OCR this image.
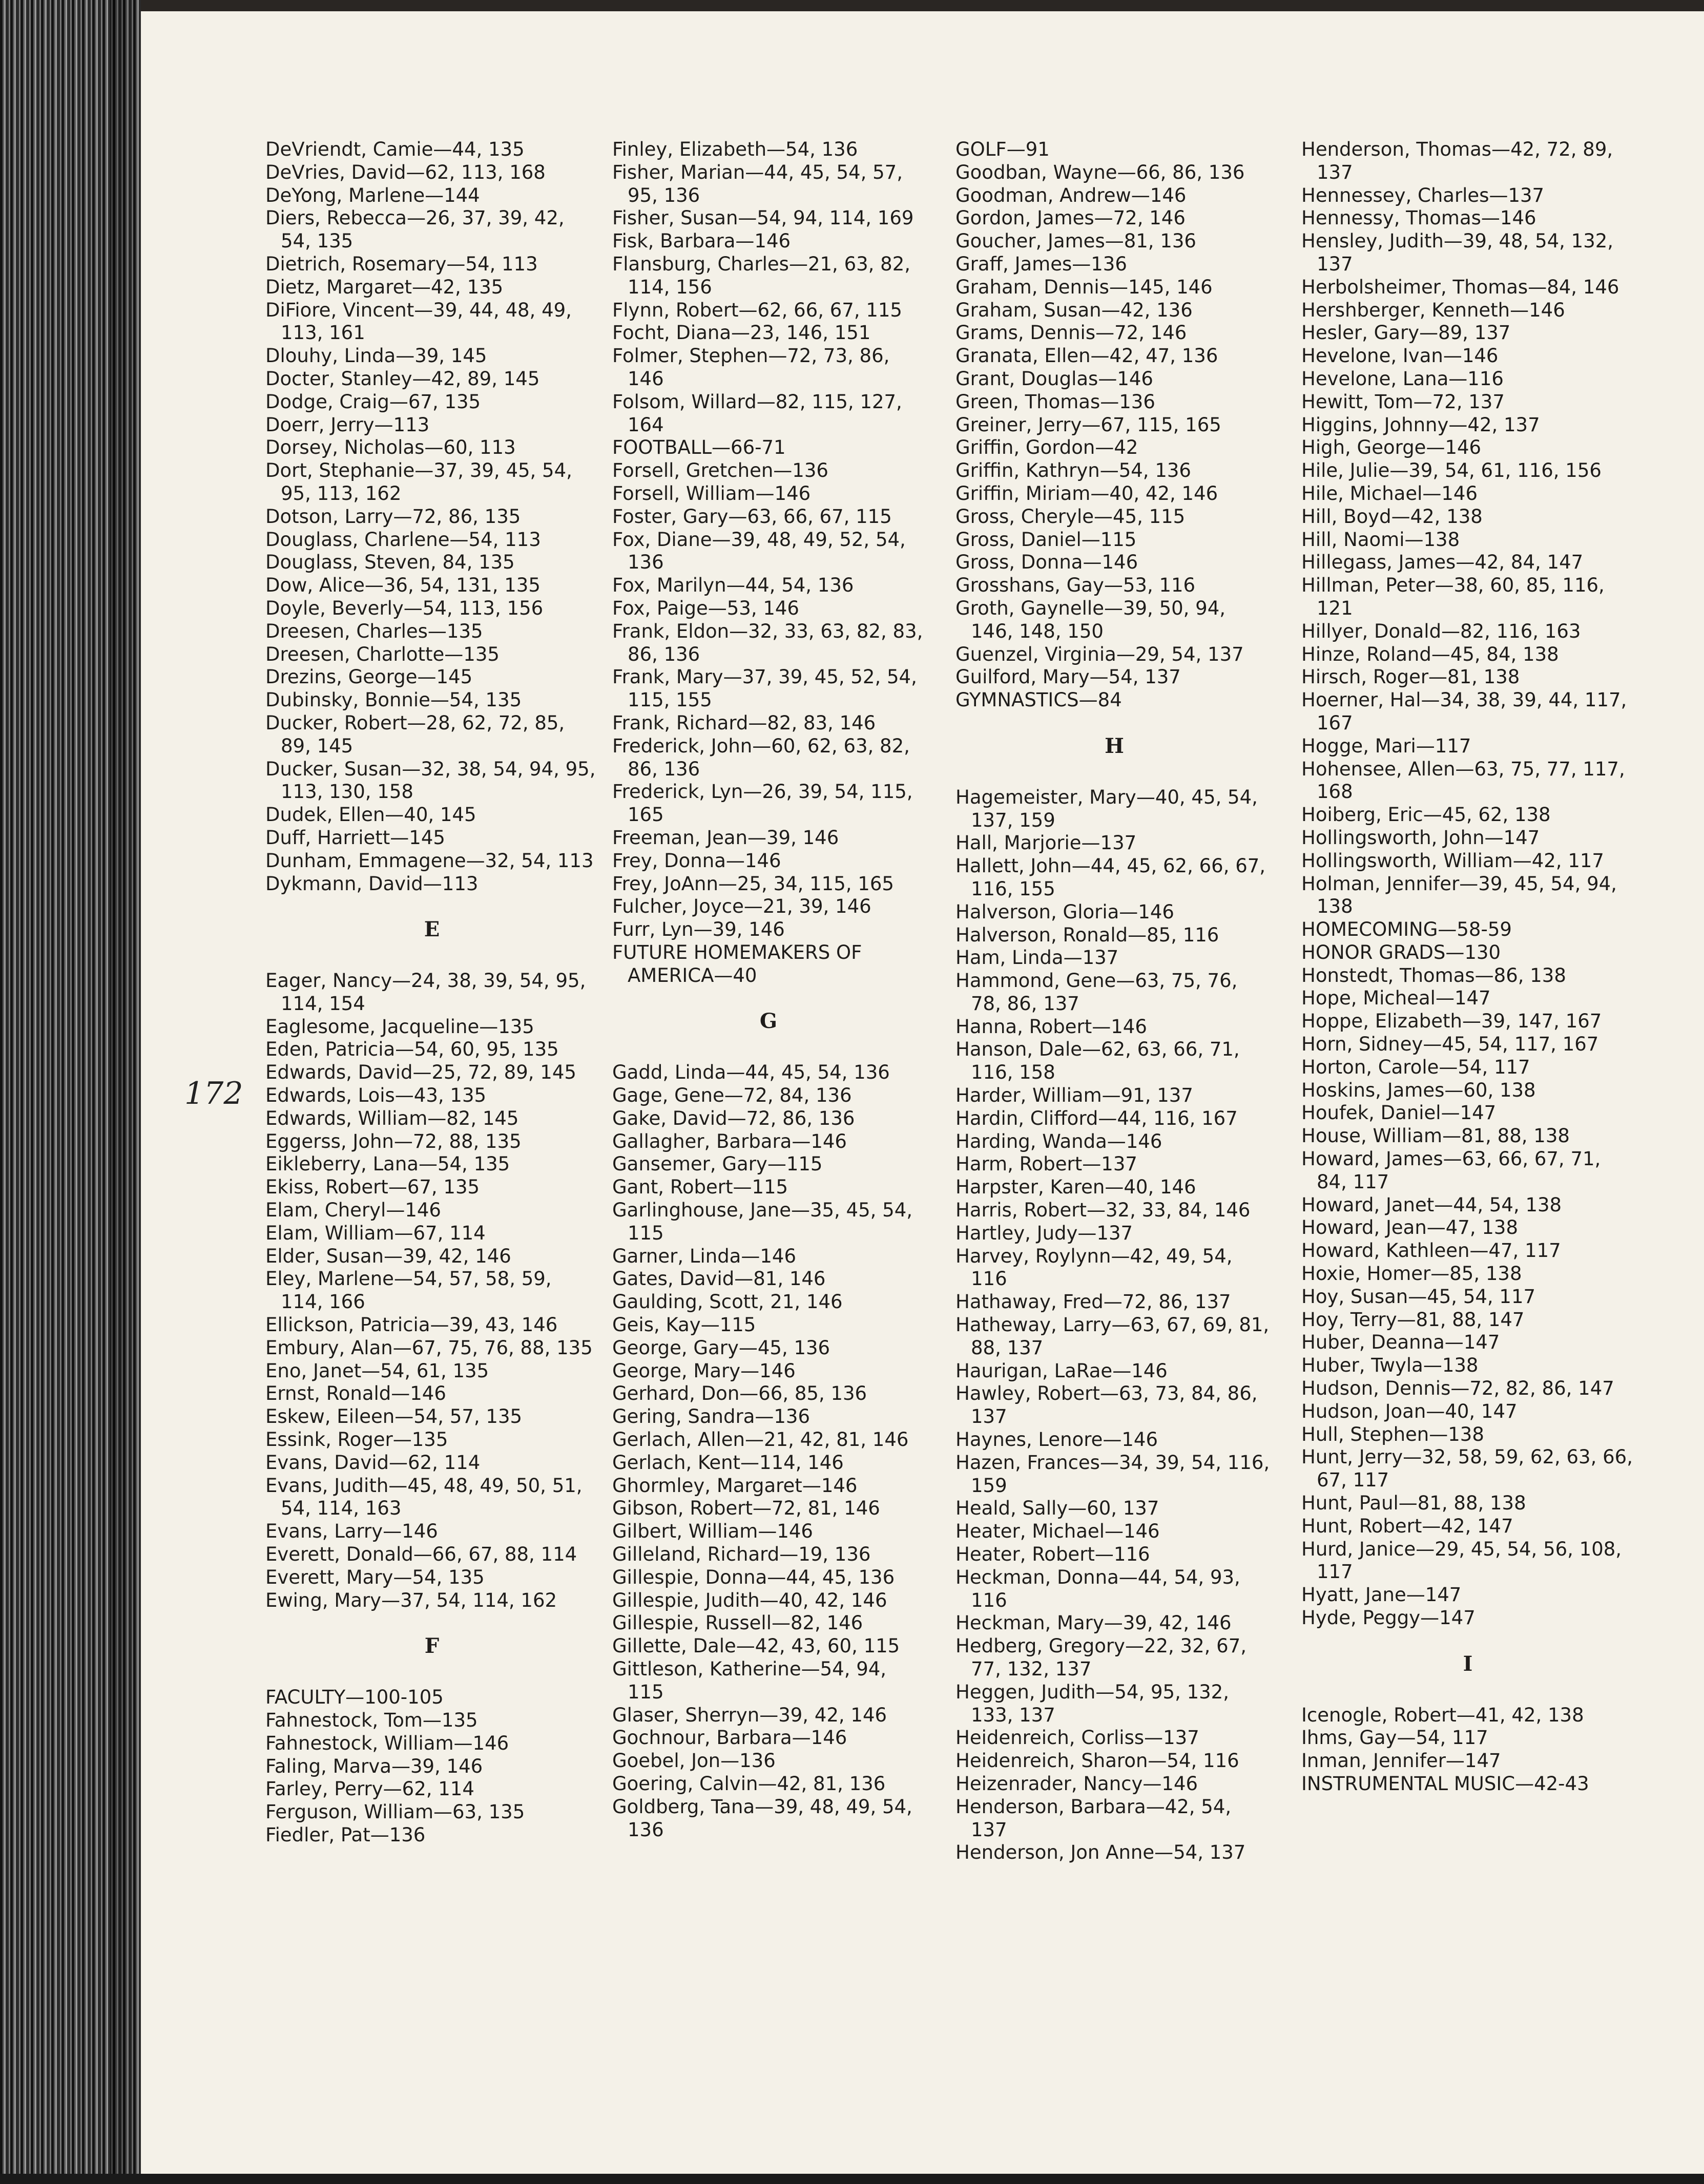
172
DeVriendt, Camie—44, 135
DeVries, David—62, 113, 168
DeYong, Marlene—144
Diers, Rebecca—26, 37, 39, 42, 54, 135
Dietrich, Rosemary—54, 113
Dietz, Margaret—42, 135
DiFiore, Vincent—39, 44, 48, 49, 113, 161
Dlouhy, Linda—39, 145
Docter, Stanley—42, 89, 145
Dodge, Craig—67, 135
Doerr, Jerry—113
Dorsey, Nicholas—60, 113
Dort, Stephanie—37, 39, 45, 54, 95, 113, 162
Dotson, Larry—72, 86, 135
Douglass, Charlene—54, 113
Douglass, Steven, 84, 135
Dow, Alice—36, 54, 131, 135
Doyle, Beverly—54, 113, 156
Dreesen, Charles—135
Dreesen, Charlotte—135
Drezins, George—145
Dubinsky, Bonnie—54, 135
Ducker, Robert—28, 62, 72, 85, 89, 145
Ducker, Susan—32, 38, 54, 94, 95, 113, 130, 158
Dudek, Ellen—40, 145
Duff, Harriett—145
Dunham, Emmagene—32, 54, 113
Dykmann, David—113
E
Eager, Nancy—24, 38, 39, 54, 95, 114, 154
Eaglesome, Jacqueline—135
Eden, Patricia—54, 60, 95, 135
Edwards, David—25, 72, 89, 145
Edwards, Lois—43, 135
Edwards, William—82, 145
Eggerss, John—72, 88, 135
Eikleberry, Lana—54, 135
Ekiss, Robert—67, 135
Elam, Cheryl—146
Elam, William—67, 114
Elder, Susan—39, 42, 146
Eley, Marlene—54, 57, 58, 59, 114, 166
Ellickson, Patricia—39, 43, 146
Embury, Alan—67, 75, 76, 88, 135
Eno, Janet—54, 61, 135
Ernst, Ronald—146
Eskew, Eileen—54, 57, 135
Essink, Roger—135
Evans, David—62, 114
Evans, Judith—45, 48, 49, 50, 51, 54, 114, 163
Evans, Larry—146
Everett, Donald—66, 67, 88, 114
Everett, Mary—54, 135
Ewing, Mary—37, 54, 114, 162
F
FACULTY—100-105
Fahnestock, Tom—135
Fahnestock, William—146
Faling, Marva—39, 146
Farley, Perry—62, 114
Ferguson, William—63, 135
Fiedler, Pat—136
Finley, Elizabeth—54, 136
Fisher, Marian—44, 45, 54, 57, 95, 136
Fisher, Susan—54, 94, 114, 169
Fisk, Barbara—146
Flansburg, Charles—21, 63, 82, 114, 156
Flynn, Robert—62, 66, 67, 115
Focht, Diana—23, 146, 151
Folmer, Stephen—72, 73, 86, 146
Folsom, Willard—82, 115, 127, 164
FOOTBALL—66-71
Forsell, Gretchen—136
Forsell, William—146
Foster, Gary—63, 66, 67, 115
Fox, Diane—39, 48, 49, 52, 54, 136
Fox, Marilyn—44, 54, 136
Fox, Paige—53, 146
Frank, Eldon—32, 33, 63, 82, 83, 86, 136
Frank, Mary—37, 39, 45, 52, 54, 115, 155
Frank, Richard—82, 83, 146
Frederick, John—60, 62, 63, 82, 86, 136
Frederick, Lyn—26, 39, 54, 115, 165
Freeman, Jean—39, 146
Frey, Donna—146
Frey, JoAnn—25, 34, 115, 165
Fulcher, Joyce—21, 39, 146
Furr, Lyn—39, 146
FUTURE HOMEMAKERS OF AMERICA—40
G
Gadd, Linda—44, 45, 54, 136
Gage, Gene—72, 84, 136
Gake, David—72, 86, 136
Gallagher, Barbara—146
Gansemer, Gary—115
Gant, Robert—115
Garlinghouse, Jane—35, 45, 54, 115
Garner, Linda—146
Gates, David—81, 146
Gaulding, Scott, 21, 146
Geis, Kay—115
George, Gary—45, 136
George, Mary—146
Gerhard, Don—66, 85, 136
Gering, Sandra—136
Gerlach, Allen—21, 42, 81, 146
Gerlach, Kent—114, 146
Ghormley, Margaret—146
Gibson, Robert—72, 81, 146
Gilbert, William—146
Gilleland, Richard—19, 136
Gillespie, Donna—44, 45, 136
Gillespie, Judith—40, 42, 146
Gillespie, Russell—82, 146
Gillette, Dale—42, 43, 60, 115
Gittleson, Katherine—54, 94, 115
Glaser, Sherryn—39, 42, 146
Gochnour, Barbara—146
Goebel, Jon—136
Goering, Calvin—42, 81, 136
Goldberg, Tana—39, 48, 49, 54, 136
GOLF—91
Goodban, Wayne—66, 86, 136
Goodman, Andrew—146
Gordon, James—72, 146
Goucher, James—81, 136
Graff, James—136
Graham, Dennis—145, 146
Graham, Susan—42, 136
Grams, Dennis—72, 146
Granata, Ellen—42, 47, 136
Grant, Douglas—146
Green, Thomas—136
Greiner, Jerry—67, 115, 165
Griffin, Gordon—42
Griffin, Kathryn—54, 136
Griffin, Miriam—40, 42, 146
Gross, Cheryle—45, 115
Gross, Daniel—115
Gross, Donna—146
Grosshans, Gay—53, 116
Groth, Gaynelle—39, 50, 94, 146, 148, 150
Guenzel, Virginia—29, 54, 137
Guilford, Mary—54, 137
GYMNASTICS—84
H
Hagemeister, Mary—40, 45, 54, 137, 159
Hall, Marjorie—137
Hallett, John—44, 45, 62, 66, 67, 116, 155
Halverson, Gloria—146
Halverson, Ronald—85, 116
Ham, Linda—137
Hammond, Gene—63, 75, 76, 78, 86, 137
Hanna, Robert—146
Hanson, Dale—62, 63, 66, 71, 116, 158
Harder, William—91, 137
Hardin, Clifford—44, 116, 167
Harding, Wanda—146
Harm, Robert—137
Harpster, Karen—40, 146
Harris, Robert—32, 33, 84, 146
Hartley, Judy—137
Harvey, Roylynn—42, 49, 54, 116
Hathaway, Fred—72, 86, 137
Hatheway, Larry—63, 67, 69, 81, 88, 137
Haurigan, LaRae—146
Hawley, Robert—63, 73, 84, 86, 137
Haynes, Lenore—146
Hazen, Frances—34, 39, 54, 116, 159
Heald, Sally—60, 137
Heater, Michael—146
Heater, Robert—116
Heckman, Donna—44, 54, 93, 116
Heckman, Mary—39, 42, 146
Hedberg, Gregory—22, 32, 67, 77, 132, 137
Heggen, Judith—54, 95, 132, 133, 137
Heidenreich, Corliss—137
Heidenreich, Sharon—54, 116
Heizenrader, Nancy—146
Henderson, Barbara—42, 54, 137
Henderson, Jon Anne—54, 137
Henderson, Thomas—42, 72, 89, 137
Hennessey, Charles—137
Hennessy, Thomas—146
Hensley, Judith—39, 48, 54, 132, 137
Herbolsheimer, Thomas—84, 146
Hershberger, Kenneth—146
Hesler, Gary—89, 137
Hevelone, Ivan—146
Hevelone, Lana—116
Hewitt, Tom—72, 137
Higgins, Johnny—42, 137
High, George—146
Hile, Julie—39, 54, 61, 116, 156
Hile, Michael—146
Hill, Boyd—42, 138
Hill, Naomi—138
Hillegass, James—42, 84, 147
Hillman, Peter—38, 60, 85, 116, 121
Hillyer, Donald—82, 116, 163
Hinze, Roland—45, 84, 138
Hirsch, Roger—81, 138
Hoerner, Hal—34, 38, 39, 44, 117, 167
Hogge, Mari—117
Hohensee, Allen—63, 75, 77, 117, 168
Hoiberg, Eric—45, 62, 138
Hollingsworth, John—147
Hollingsworth, William—42, 117
Holman, Jennifer—39, 45, 54, 94, 138
HOMECOMING—58-59
HONOR GRADS—130
Honstedt, Thomas—86, 138
Hope, Micheal—147
Hoppe, Elizabeth—39, 147, 167
Horn, Sidney—45, 54, 117, 167
Horton, Carole—54, 117
Hoskins, James—60, 138
Houfek, Daniel—147
House, William—81, 88, 138
Howard, James—63, 66, 67, 71, 84, 117
Howard, Janet—44, 54, 138
Howard, Jean—47, 138
Howard, Kathleen—47, 117
Hoxie, Homer—85, 138
Hoy, Susan—45, 54, 117
Hoy, Terry—81, 88, 147
Huber, Deanna—147
Huber, Twyla—138
Hudson, Dennis—72, 82, 86, 147
Hudson, Joan—40, 147
Hull, Stephen—138
Hunt, Jerry—32, 58, 59, 62, 63, 66, 67, 117
Hunt, Paul—81, 88, 138
Hunt, Robert—42, 147
Hurd, Janice—29, 45, 54, 56, 108, 117
Hyatt, Jane—147
Hyde, Peggy—147
I
Icenogle, Robert—41, 42, 138
Ihms, Gay—54, 117
Inman, Jennifer—147
INSTRUMENTAL MUSIC—42-43
